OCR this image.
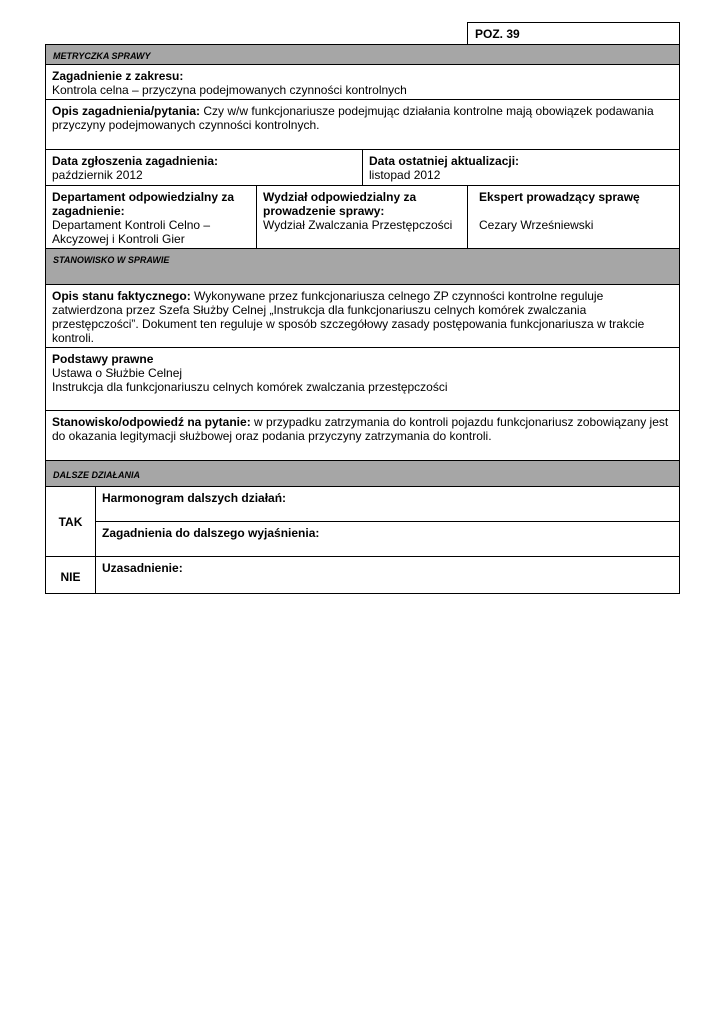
POZ. 39
METRYCZKA SPRAWY
Zagadnienie z zakresu:
Kontrola celna – przyczyna podejmowanych czynności kontrolnych
Opis zagadnienia/pytania: Czy w/w funkcjonariusze podejmując działania kontrolne mają obowiązek podawania przyczyny podejmowanych czynności kontrolnych.
Data zgłoszenia zagadnienia:
październik 2012
Data ostatniej aktualizacji:
listopad 2012
Departament odpowiedzialny za zagadnienie:
Departament Kontroli Celno – Akcyzowej i Kontroli Gier
Wydział odpowiedzialny za prowadzenie sprawy:
Wydział Zwalczania Przestępczości
Ekspert prowadzący sprawę
Cezary Wrześniewski
STANOWISKO W SPRAWIE
Opis stanu faktycznego: Wykonywane przez funkcjonariusza celnego ZP czynności kontrolne reguluje zatwierdzona przez Szefa Służby Celnej „Instrukcja dla funkcjonariuszu celnych komórek zwalczania przestępczości”. Dokument ten reguluje w sposób szczegółowy zasady postępowania funkcjonariusza w trakcie kontroli.
Podstawy prawne
Ustawa o Służbie Celnej
Instrukcja dla funkcjonariuszu celnych komórek zwalczania przestępczości
Stanowisko/odpowiedź na pytanie: w przypadku zatrzymania do kontroli pojazdu funkcjonariusz zobowiązany jest do okazania legitymacji służbowej oraz podania przyczyny zatrzymania do kontroli.
DALSZE DZIAŁANIA
TAK
Harmonogram dalszych działań:
Zagadnienia do dalszego wyjaśnienia:
NIE
Uzasadnienie:
